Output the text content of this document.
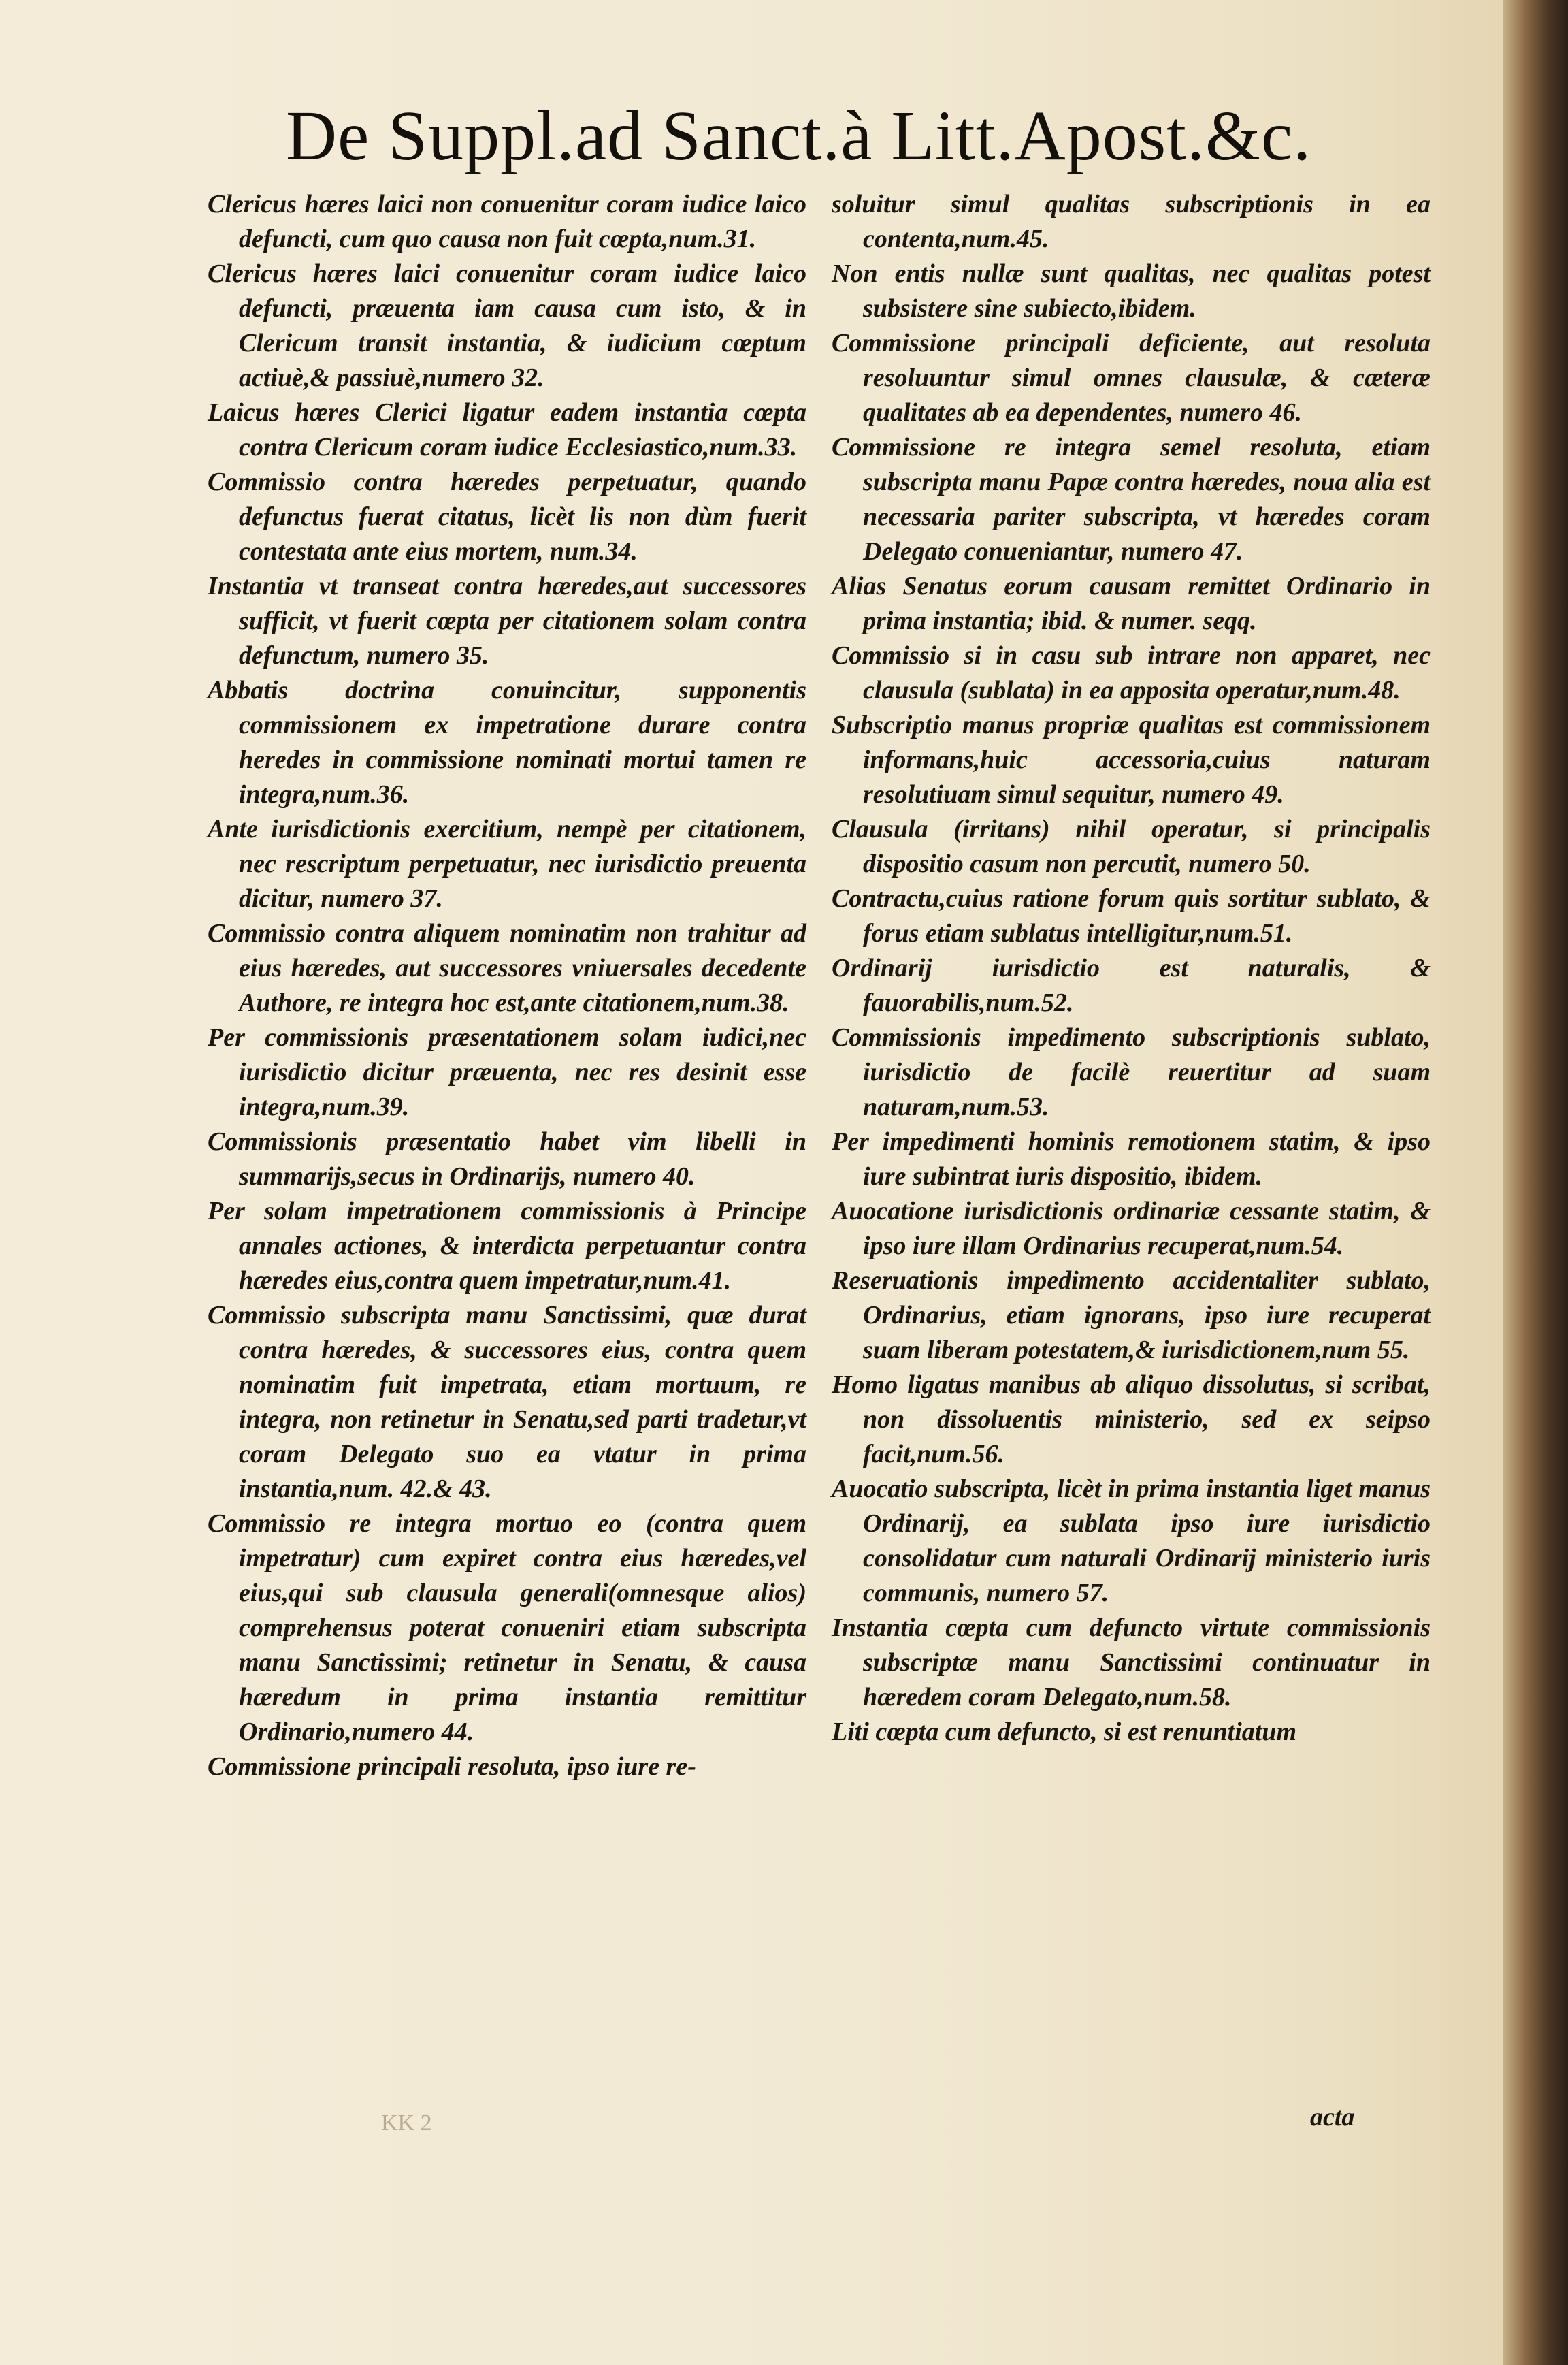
De Suppl.ad Sanct.à Litt.Apost.&c.

Clericus hæres laici non conuenitur coram iudice laico defuncti, cum quo causa non fuit cœpta,num.31.

Clericus hæres laici conuenitur coram iudice laico defuncti, præuenta iam causa cum isto, & in Clericum transit instantia, & iudicium cœptum actiuè,& passiuè,numero 32.

Laicus hæres Clerici ligatur eadem instantia cœpta contra Clericum coram iudice Ecclesiastico,num.33.

Commissio contra hæredes perpetuatur, quando defunctus fuerat citatus, licèt lis non dùm fuerit contestata ante eius mortem, num.34.

Instantia vt transeat contra hæredes,aut successores sufficit, vt fuerit cœpta per citationem solam contra defunctum, numero 35.

Abbatis doctrina conuincitur, supponentis commissionem ex impetratione durare contra heredes in commissione nominati mortui tamen re integra,num.36.

Ante iurisdictionis exercitium, nempè per citationem, nec rescriptum perpetuatur, nec iurisdictio preuenta dicitur, numero 37.

Commissio contra aliquem nominatim non trahitur ad eius hæredes, aut successores vniuersales decedente Authore, re integra hoc est,ante citationem,num.38.

Per commissionis præsentationem solam iudici,nec iurisdictio dicitur præuenta, nec res desinit esse integra,num.39.

Commissionis præsentatio habet vim libelli in summarijs,secus in Ordinarijs, numero 40.

Per solam impetrationem commissionis à Principe annales actiones, & interdicta perpetuantur contra hæredes eius,contra quem impetratur,num.41.

Commissio subscripta manu Sanctissimi, quæ durat contra hæredes, & successores eius, contra quem nominatim fuit impetrata, etiam mortuum, re integra, non retinetur in Senatu,sed parti tradetur,vt coram Delegato suo ea vtatur in prima instantia,num. 42.& 43.

Commissio re integra mortuo eo (contra quem impetratur) cum expiret contra eius hæredes,vel eius,qui sub clausula generali(omnesque alios) comprehensus poterat conueniri etiam subscripta manu Sanctissimi; retinetur in Senatu, & causa hæredum in prima instantia remittitur Ordinario,numero 44.

Commissione principali resoluta, ipso iure re-

soluitur simul qualitas subscriptionis in ea contenta,num.45.

Non entis nullæ sunt qualitas, nec qualitas potest subsistere sine subiecto,ibidem.

Commissione principali deficiente, aut resoluta resoluuntur simul omnes clausulæ, & cæteræ qualitates ab ea dependentes, numero 46.

Commissione re integra semel resoluta, etiam subscripta manu Papæ contra hæredes, noua alia est necessaria pariter subscripta, vt hæredes coram Delegato conueniantur, numero 47.

Alias Senatus eorum causam remittet Ordinario in prima instantia; ibid. & numer. seqq.

Commissio si in casu sub intrare non apparet, nec clausula (sublata) in ea apposita operatur,num.48.

Subscriptio manus propriæ qualitas est commissionem informans,huic accessoria,cuius naturam resolutiuam simul sequitur, numero 49.

Clausula (irritans) nihil operatur, si principalis dispositio casum non percutit, numero 50.

Contractu,cuius ratione forum quis sortitur sublato, & forus etiam sublatus intelligitur,num.51.

Ordinarij iurisdictio est naturalis, & fauorabilis,num.52.

Commissionis impedimento subscriptionis sublato, iurisdictio de facilè reuertitur ad suam naturam,num.53.

Per impedimenti hominis remotionem statim, & ipso iure subintrat iuris dispositio, ibidem.

Auocatione iurisdictionis ordinariæ cessante statim, & ipso iure illam Ordinarius recuperat,num.54.

Reseruationis impedimento accidentaliter sublato, Ordinarius, etiam ignorans, ipso iure recuperat suam liberam potestatem,& iurisdictionem,num 55.

Homo ligatus manibus ab aliquo dissolutus, si scribat, non dissoluentis ministerio, sed ex seipso facit,num.56.

Auocatio subscripta, licèt in prima instantia liget manus Ordinarij, ea sublata ipso iure iurisdictio consolidatur cum naturali Ordinarij ministerio iuris communis, numero 57.

Instantia cœpta cum defuncto virtute commissionis subscriptæ manu Sanctissimi continuatur in hæredem coram Delegato,num.58.

Liti cœpta cum defuncto, si est renuntiatum

KK 2	acta
